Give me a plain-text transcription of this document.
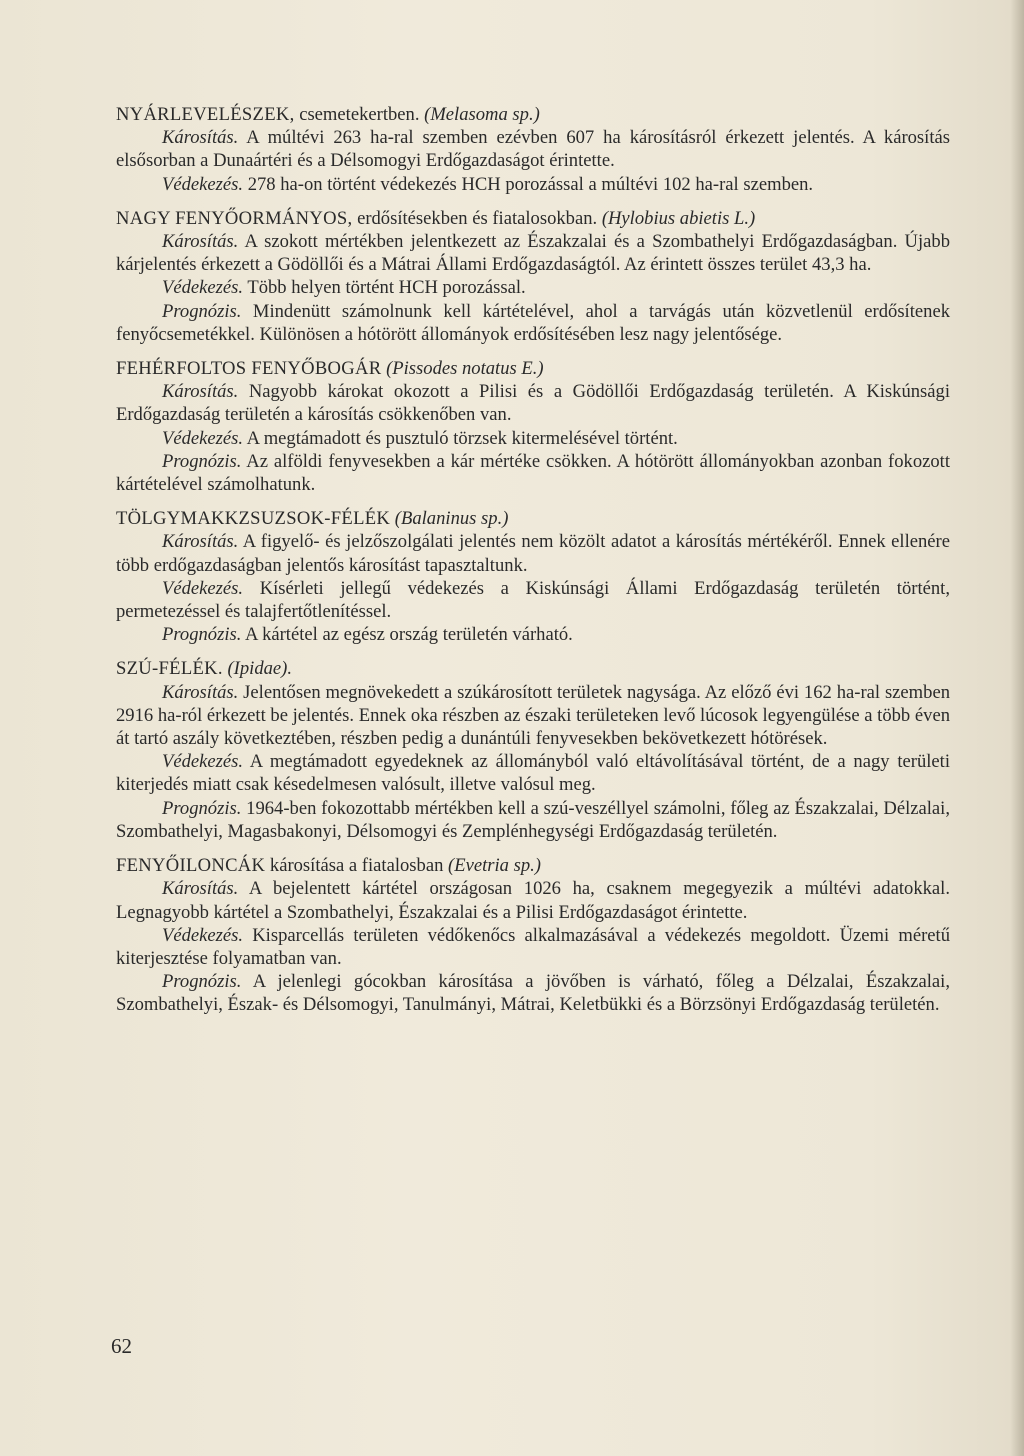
NYÁRLEVELÉSZEK, csemetekertben. (Melasoma sp.)

Károsítás. A múltévi 263 ha-ral szemben ezévben 607 ha károsításról érkezett jelentés. A károsítás elsősorban a Dunaártéri és a Délsomogyi Erdőgazdaságot érintette.

Védekezés. 278 ha-on történt védekezés HCH porozással a múltévi 102 ha-ral szemben.

NAGY FENYŐORMÁNYOS, erdősítésekben és fiatalosokban. (Hylobius abietis L.)

Károsítás. A szokott mértékben jelentkezett az Északzalai és a Szombathelyi Erdőgazdaságban. Újabb kárjelentés érkezett a Gödöllői és a Mátrai Állami Erdőgazdaságtól. Az érintett összes terület 43,3 ha.

Védekezés. Több helyen történt HCH porozással.

Prognózis. Mindenütt számolnunk kell kártételével, ahol a tarvágás után közvetlenül erdősítenek fenyőcsemetékkel. Különösen a hótörött állományok erdősítésében lesz nagy jelentősége.

FEHÉRFOLTOS FENYŐBOGÁR (Pissodes notatus E.)

Károsítás. Nagyobb károkat okozott a Pilisi és a Gödöllői Erdőgazdaság területén. A Kiskúnsági Erdőgazdaság területén a károsítás csökkenőben van.

Védekezés. A megtámadott és pusztuló törzsek kitermelésével történt.

Prognózis. Az alföldi fenyvesekben a kár mértéke csökken. A hótörött állományokban azonban fokozott kártételével számolhatunk.

TÖLGYMAKKZSUZSOK-FÉLÉK (Balaninus sp.)

Károsítás. A figyelő- és jelzőszolgálati jelentés nem közölt adatot a károsítás mértékéről. Ennek ellenére több erdőgazdaságban jelentős károsítást tapasztaltunk.

Védekezés. Kísérleti jellegű védekezés a Kiskúnsági Állami Erdőgazdaság területén történt, permetezéssel és talajfertőtlenítéssel.

Prognózis. A kártétel az egész ország területén várható.

SZÚ-FÉLÉK. (Ipidae).

Károsítás. Jelentősen megnövekedett a szúkárosított területek nagysága. Az előző évi 162 ha-ral szemben 2916 ha-ról érkezett be jelentés. Ennek oka részben az északi területeken levő lúcosok legyengülése a több éven át tartó aszály következtében, részben pedig a dunántúli fenyvesekben bekövetkezett hótörések.

Védekezés. A megtámadott egyedeknek az állományból való eltávolításával történt, de a nagy területi kiterjedés miatt csak késedelmesen valósult, illetve valósul meg.

Prognózis. 1964-ben fokozottabb mértékben kell a szú-veszéllyel számolni, főleg az Északzalai, Délzalai, Szombathelyi, Magasbakonyi, Délsomogyi és Zemplénhegységi Erdőgazdaság területén.

FENYŐILONCÁK károsítása a fiatalosban (Evetria sp.)

Károsítás. A bejelentett kártétel országosan 1026 ha, csaknem megegyezik a múltévi adatokkal. Legnagyobb kártétel a Szombathelyi, Északzalai és a Pilisi Erdőgazdaságot érintette.

Védekezés. Kisparcellás területen védőkenőcs alkalmazásával a védekezés megoldott. Üzemi méretű kiterjesztése folyamatban van.

Prognózis. A jelenlegi gócokban károsítása a jövőben is várható, főleg a Délzalai, Északzalai, Szombathelyi, Észak- és Délsomogyi, Tanulmányi, Mátrai, Keletbükki és a Börzsönyi Erdőgazdaság területén.

62
